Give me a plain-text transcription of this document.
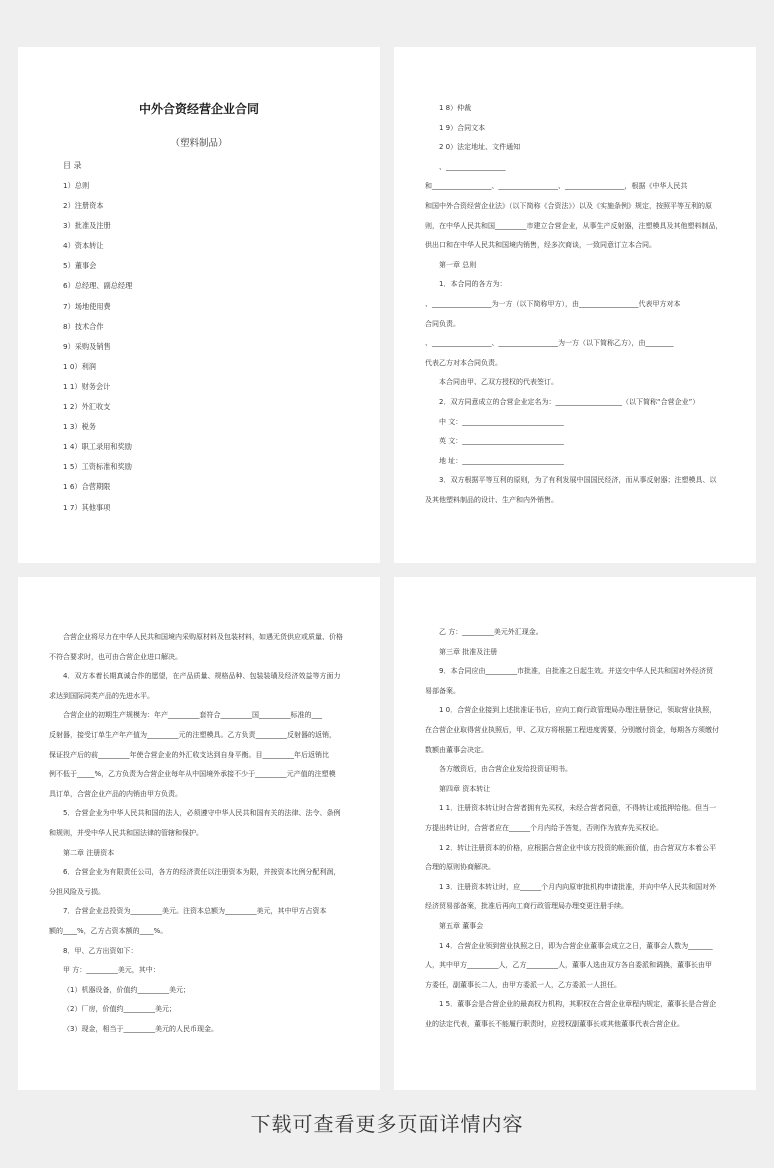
中外合资经营企业合同
（塑料制品）
目 录
1）总则
2）注册资本
3）批准及注册
4）资本转让
5）董事会
6）总经理、副总经理
7）场地使用费
8）技术合作
9）采购及销售
1 0）利润
1 1）财务会计
1 2）外汇收支
1 3）税务
1 4）职工录用和奖励
1 5）工资标准和奖励
1 6）合营期限
1 7）其他事项

1 8）仲裁

1 9）合同文本

2 0）法定地址、文件通知

、_________________

和_________________、_________________、_________________，根据《中华人民共

和国中外合资经营企业法》（以下简称《合资法》）以及《实施条例》规定，按照平等互利的原

则，在中华人民共和国_________市建立合营企业，从事生产反射器，注塑模具及其他塑料制品，

供出口和在中华人民共和国境内销售，经多次商谈，一致同意订立本合同。

第一章 总则

1．本合同的各方为：

、_________________为一方（以下简称甲方），由_________________代表甲方对本

合同负责。

、_________________、_________________为一方（以下简称乙方），由________

代表乙方对本合同负责。

本合同由甲、乙双方授权的代表签订。

2．双方同意成立的合营企业定名为：___________________（以下简称“合营企业”）

中 文：_____________________________

英 文：_____________________________

地 址：_____________________________

3．双方根据平等互利的原则，为了有利发展中国国民经济，而从事反射器；注塑模具、以

及其他塑料制品的设计、生产和内外销售。

合营企业将尽力在中华人民共和国境内采购原材料及包装材料，如遇无货供应或质量、价格

不符合要求时，也可由合营企业进口解决。

4．双方本着长期真诚合作的愿望，在产品质量、规格品种、包装装璜及经济效益等方面力

求达到国际同类产品的先进水平。

合营企业的初期生产规模为：年产_________套符合_________国_________标准的___

反射器，接受订单生产年产值为_________元的注塑模具。乙方负责_________反射器的返销，

保证投产后的前_________年使合营企业的外汇收支达到自身平衡。目_________年后返销比

例不低于_____%，乙方负责为合营企业每年从中国境外承接不少于_________元产值的注塑模

具订单，合营企业产品的内销由甲方负责。

5．合营企业为中华人民共和国的法人，必须遵守中华人民共和国有关的法律、法令、条例

和规则，并受中华人民共和国法律的管辖和保护。

第二章 注册资本

6．合营企业为有限责任公司，各方的经济责任以注册资本为限，并按资本比例分配利润，

分担风险及亏损。

7．合营企业总投资为_________美元。注资本总额为_________美元，其中甲方占资本

额的____%，乙方占资本额的____%。

8．甲、乙方出资如下：

甲 方：_________美元，其中：

（1）机器设备，价值约_________美元；

（2）厂房，价值约_________美元；

（3）现金，相当于_________美元的人民币现金。

乙 方：_________美元外汇现金。

第三章 批准及注册

9．本合同应由_________市批准，自批准之日起生效。并送交中华人民共和国对外经济贸

易部备案。

1 0．合营企业接到上述批准证书后，应向工商行政管理局办理注册登记，领取营业执照，

在合营企业取得营业执照后，甲、乙双方将根据工程进度需要，分别缴付资金，每期各方须缴付

数额由董事会决定。

各方缴资后，由合营企业发给投资证明书。

第四章 资本转让

1 1．注册资本转让时合营者拥有先买权，未经合营者同意，不得转让或抵押给他。但当一

方提出转让时，合营者应在______个月内给予答复，否则作为放弃先买权论。

1 2．转让注册资本的价格，应根据合营企业中该方投资的帐面价值，由合营双方本着公平

合理的原则协商解决。

1 3．注册资本转让时，应______个月内向原审批机构申请批准，并向中华人民共和国对外

经济贸易部备案，批准后再向工商行政管理局办理变更注册手续。

第五章 董事会

1 4．合营企业领到营业执照之日，即为合营企业董事会成立之日，董事会人数为_______

人，其中甲方_________人，乙方_________人，董事人选由双方各自委派和调换，董事长由甲

方委任，副董事长二人，由甲方委派一人，乙方委派一人担任。

1 5．董事会是合营企业的最高权力机构，其职权在合营企业章程内规定，董事长是合营企

业的法定代表，董事长不能履行职责时，应授权副董事长或其他董事代表合营企业。

下载可查看更多页面详情内容
